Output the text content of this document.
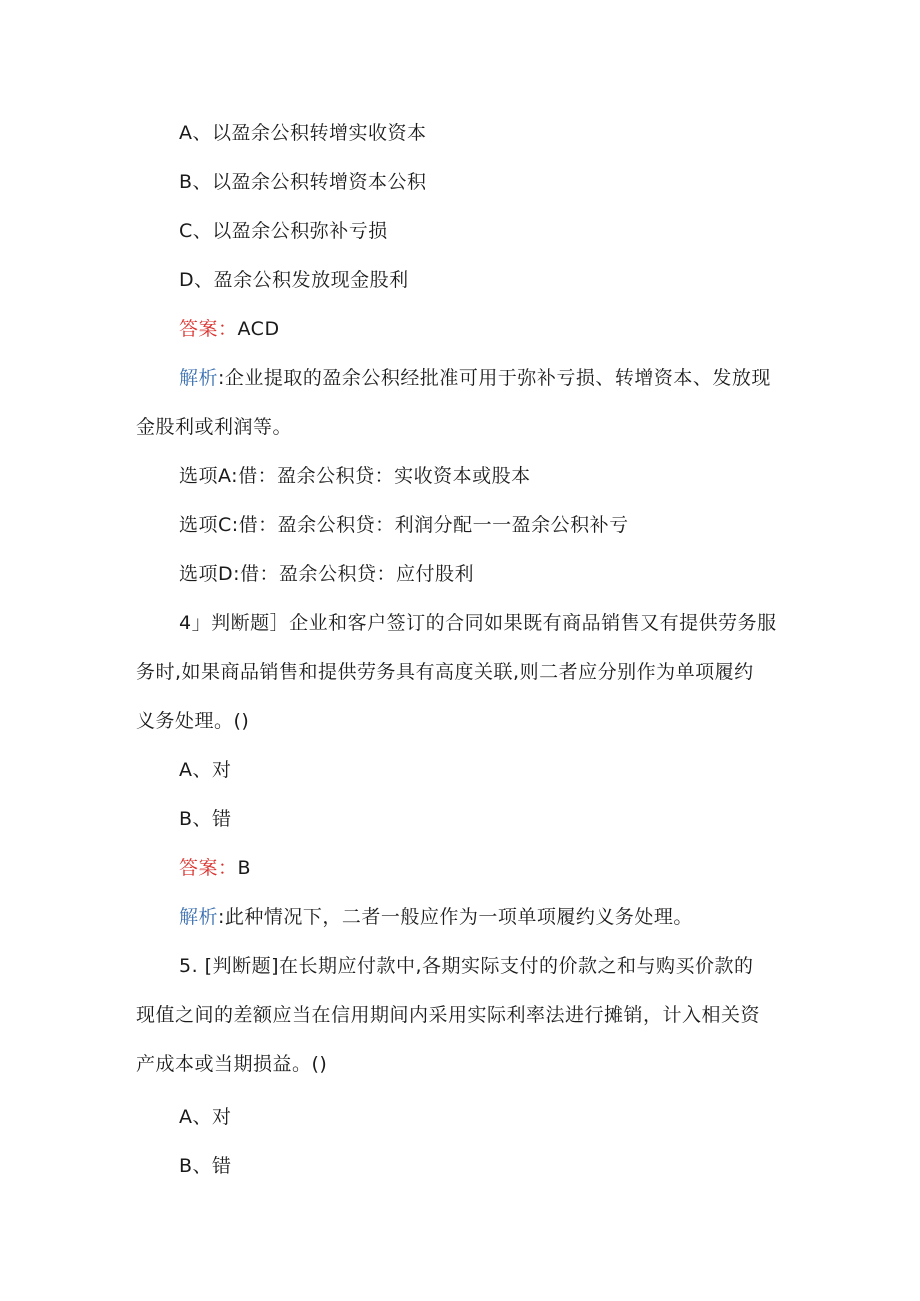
A、以盈余公积转增实收资本
B、以盈余公积转增资本公积
C、以盈余公积弥补亏损
D、盈余公积发放现金股利
答案：ACD
解析:企业提取的盈余公积经批准可用于弥补亏损、转增资本、发放现
金股利或利润等。
选项A:借：盈余公积贷：实收资本或股本
选项C:借：盈余公积贷：利润分配一一盈余公积补亏
选项D:借：盈余公积贷：应付股利
4」判断题］企业和客户签订的合同如果既有商品销售又有提供劳务服
务时,如果商品销售和提供劳务具有高度关联,则二者应分别作为单项履约
义务处理。()
A、对
B、错
答案：B
解析:此种情况下，二者一般应作为一项单项履约义务处理。
5. [判断题]在长期应付款中,各期实际支付的价款之和与购买价款的
现值之间的差额应当在信用期间内采用实际利率法进行摊销，计入相关资
产成本或当期损益。()
A、对
B、错
